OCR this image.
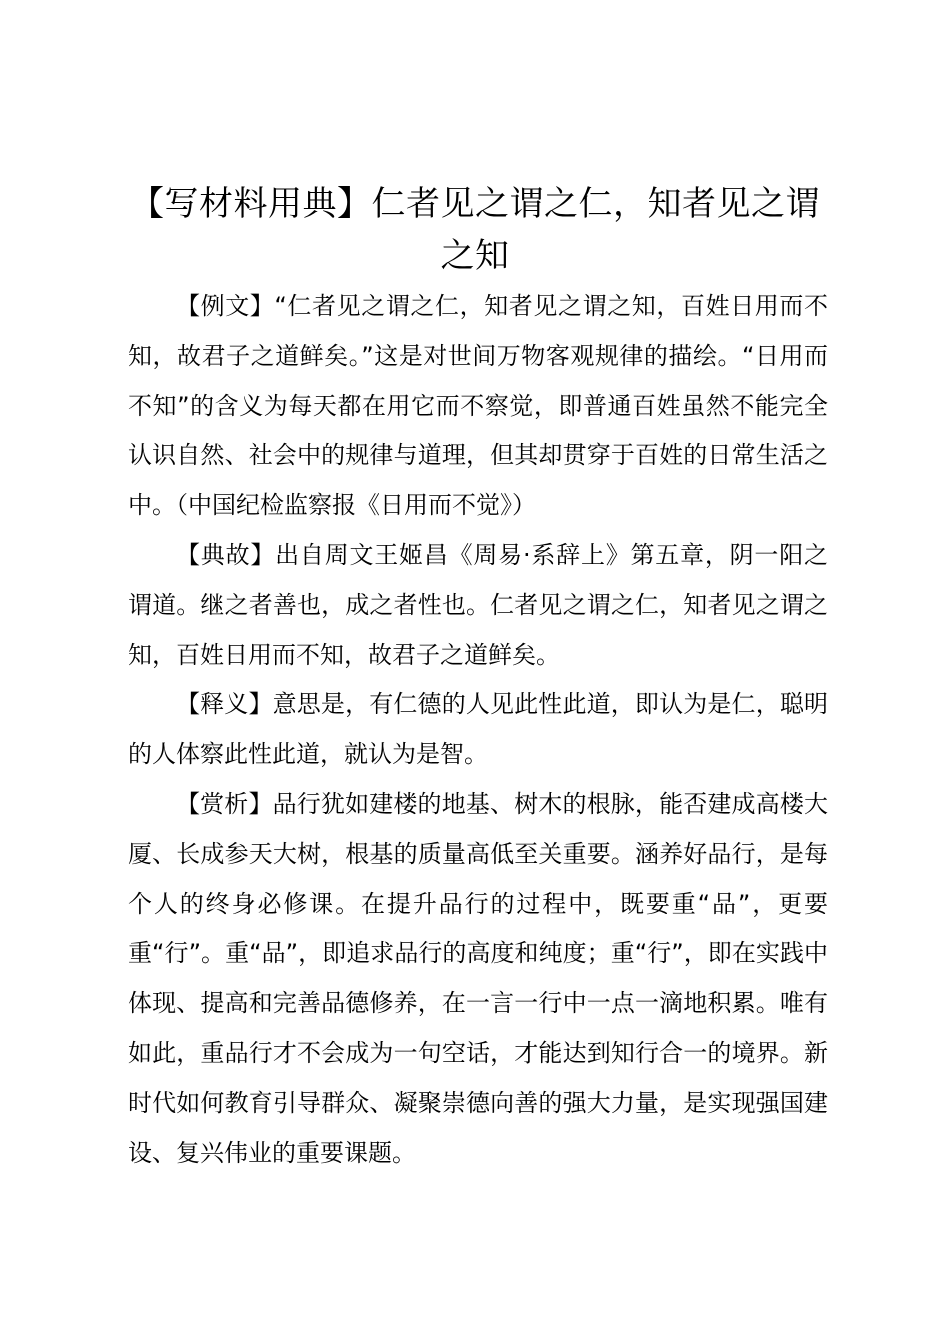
【写材料用典】仁者见之谓之仁，知者见之谓
之知

【例文】“仁者见之谓之仁，知者见之谓之知，百姓日用而不知，故君子之道鲜矣。”这是对世间万物客观规律的描绘。“日用而不知”的含义为每天都在用它而不察觉，即普通百姓虽然不能完全认识自然、社会中的规律与道理，但其却贯穿于百姓的日常生活之中。（中国纪检监察报《日用而不觉》）

【典故】出自周文王姬昌《周易·系辞上》第五章，阴一阳之谓道。继之者善也，成之者性也。仁者见之谓之仁，知者见之谓之知，百姓日用而不知，故君子之道鲜矣。

【释义】意思是，有仁德的人见此性此道，即认为是仁，聪明的人体察此性此道，就认为是智。

【赏析】品行犹如建楼的地基、树木的根脉，能否建成高楼大厦、长成参天大树，根基的质量高低至关重要。涵养好品行，是每个人的终身必修课。在提升品行的过程中，既要重“品”，更要重“行”。重“品”，即追求品行的高度和纯度；重“行”，即在实践中体现、提高和完善品德修养，在一言一行中一点一滴地积累。唯有如此，重品行才不会成为一句空话，才能达到知行合一的境界。新时代如何教育引导群众、凝聚崇德向善的强大力量，是实现强国建设、复兴伟业的重要课题。
